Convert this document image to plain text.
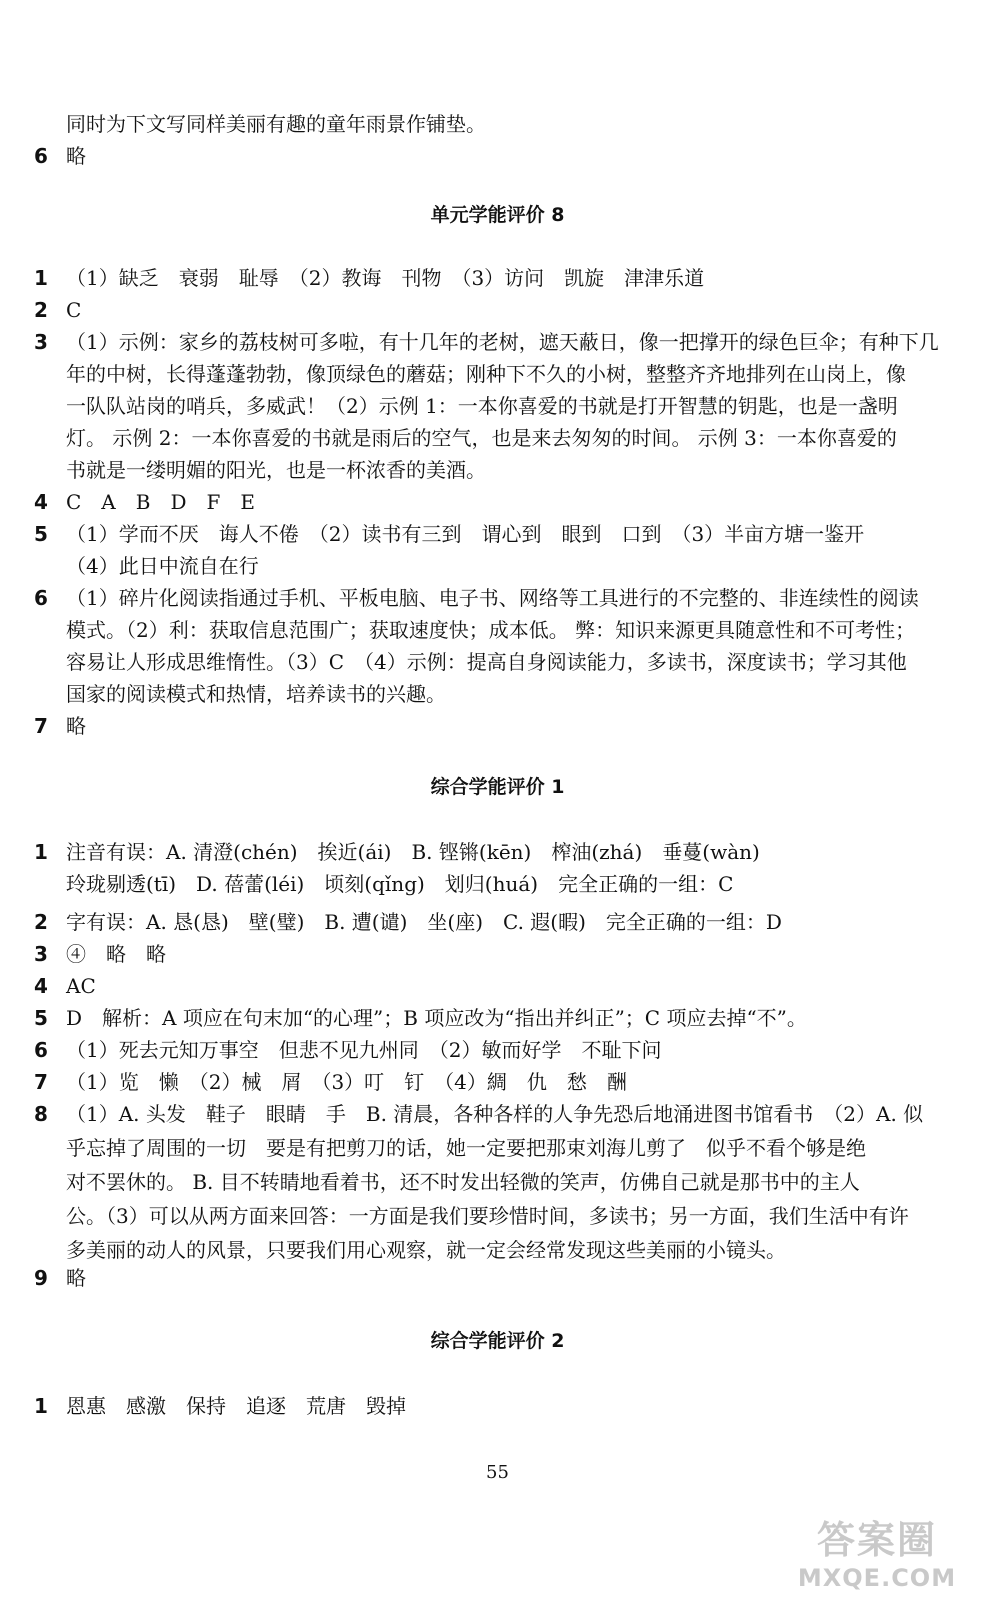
同时为下文写同样美丽有趣的童年雨景作铺垫。
6 略
单元学能评价 8
1 （1）缺乏　衰弱　耻辱　（2）教诲　刊物　（3）访问　凯旋　津津乐道
2 C
3 （1）示例：家乡的荔枝树可多啦，有十几年的老树，遮天蔽日，像一把撑开的绿色巨伞；有种下几
年的中树，长得蓬蓬勃勃，像顶绿色的蘑菇；刚种下不久的小树，整整齐齐地排列在山岗上，像
一队队站岗的哨兵，多威武！（2）示例 1：一本你喜爱的书就是打开智慧的钥匙，也是一盏明
灯。 示例 2：一本你喜爱的书就是雨后的空气，也是来去匆匆的时间。 示例 3：一本你喜爱的
书就是一缕明媚的阳光，也是一杯浓香的美酒。
4 C　A　B　D　F　E
5 （1）学而不厌　诲人不倦　（2）读书有三到　谓心到　眼到　口到　（3）半亩方塘一鉴开
（4）此日中流自在行
6 （1）碎片化阅读指通过手机、平板电脑、电子书、网络等工具进行的不完整的、非连续性的阅读
模式。（2）利：获取信息范围广；获取速度快；成本低。 弊：知识来源更具随意性和不可考性；
容易让人形成思维惰性。（3）C　（4）示例：提高自身阅读能力，多读书，深度读书；学习其他
国家的阅读模式和热情，培养读书的兴趣。
7 略
综合学能评价 1
1 注音有误：A. 清澄(chén)　挨近(ái)　B. 铿锵(kēn)　榨油(zhá)　垂蔓(wàn)
玲珑剔透(tī)　D. 蓓蕾(léi)　顷刻(qǐng)　划归(huá)　完全正确的一组：C
2 字有误：A. 恳(恳)　壁(璧)　B. 遭(谴)　坐(座)　C. 遐(暇)　完全正确的一组：D
3 ④　略　略
4 AC
5 D　解析：A 项应在句末加“的心理”；B 项应改为“指出并纠正”；C 项应去掉“不”。
6 （1）死去元知万事空　但悲不见九州同　（2）敏而好学　不耻下问
7 （1）览　懒　（2）械　屑　（3）叮　钉　（4）綢　仇　愁　酬
8 （1）A. 头发　鞋子　眼睛　手　B. 清晨，各种各样的人争先恐后地涌进图书馆看书　（2）A. 似
乎忘掉了周围的一切　要是有把剪刀的话，她一定要把那束刘海儿剪了　似乎不看个够是绝
对不罢休的。 B. 目不转睛地看着书，还不时发出轻微的笑声，仿佛自己就是那书中的主人
公。（3）可以从两方面来回答：一方面是我们要珍惜时间，多读书；另一方面，我们生活中有许
多美丽的动人的风景，只要我们用心观察，就一定会经常发现这些美丽的小镜头。
9 略
综合学能评价 2
1 恩惠　感激　保持　追逐　荒唐　毁掉
55
答案圈
MXQE.COM
